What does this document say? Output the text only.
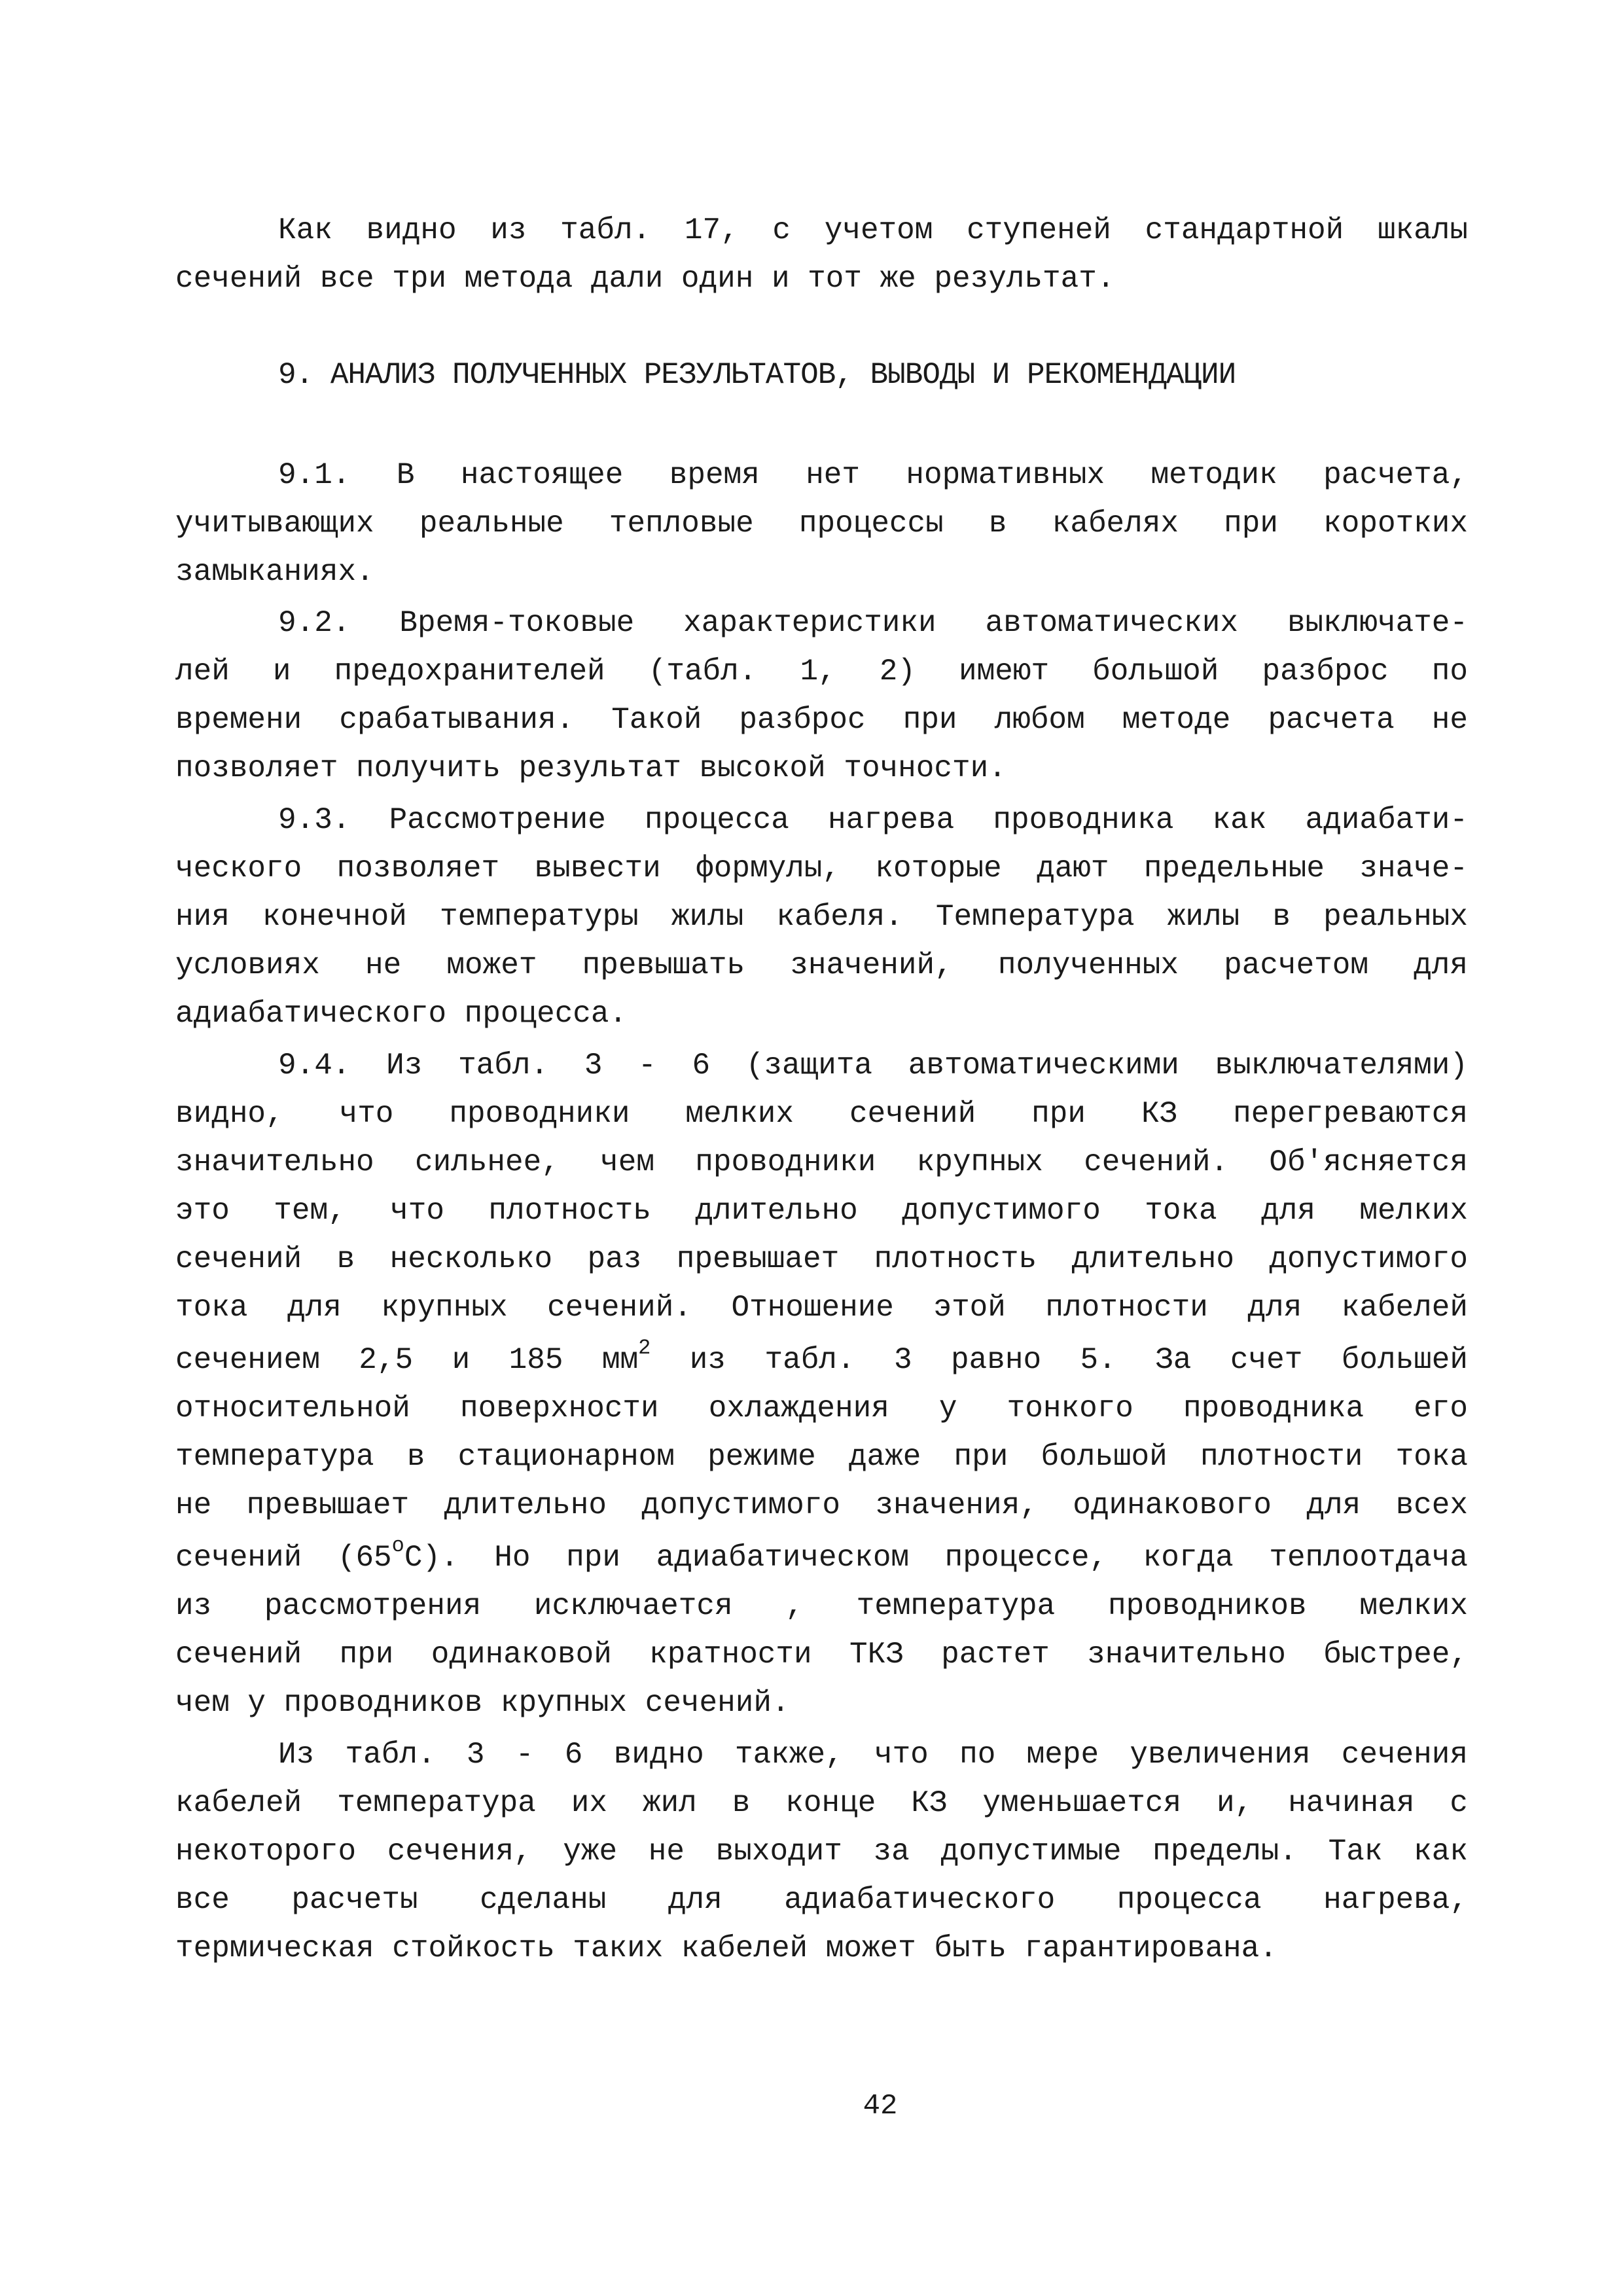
Как видно из табл. 17, с учетом ступеней стандартной шкалы
сечений все три метода дали один и тот же результат.
9. АНАЛИЗ ПОЛУЧЕННЫХ РЕЗУЛЬТАТОВ, ВЫВОДЫ И РЕКОМЕНДАЦИИ
9.1. В настоящее время нет нормативных методик расчета,
учитывающих реальные тепловые процессы в кабелях при коротких
замыканиях.
9.2. Время-токовые характеристики автоматических выключате-
лей и предохранителей (табл. 1, 2) имеют большой разброс по
времени срабатывания. Такой разброс при любом методе расчета не
позволяет получить результат высокой точности.
9.3. Рассмотрение процесса нагрева проводника как адиабати-
ческого позволяет вывести формулы, которые дают предельные значе-
ния конечной температуры жилы кабеля. Температура жилы в реальных
условиях не может превышать значений, полученных расчетом для
адиабатического процесса.
9.4. Из табл. 3 - 6 (защита автоматическими выключателями)
видно, что проводники мелких сечений при КЗ перегреваются
значительно сильнее, чем проводники крупных сечений. Об'ясняется
это тем, что плотность длительно допустимого тока для мелких
сечений в несколько раз превышает плотность длительно допустимого
тока для крупных сечений. Отношение этой плотности для кабелей
сечением 2,5 и 185 $мм^2$ из табл. 3 равно 5. За счет большей
относительной поверхности охлаждения у тонкого проводника его
температура в стационарном режиме даже при большой плотности тока
не превышает длительно допустимого значения, одинакового для всех
сечений (65$^o$С). Но при адиабатическом процессе, когда теплоотдача
из рассмотрения исключается , температура проводников мелких
сечений при одинаковой кратности ТКЗ растет значительно быстрее,
чем у проводников крупных сечений.
Из табл. 3 - 6 видно также, что по мере увеличения сечения
кабелей температура их жил в конце КЗ уменьшается и, начиная с
некоторого сечения, уже не выходит за допустимые пределы. Так как
все расчеты сделаны для адиабатического процесса нагрева,
термическая стойкость таких кабелей может быть гарантирована.
42
